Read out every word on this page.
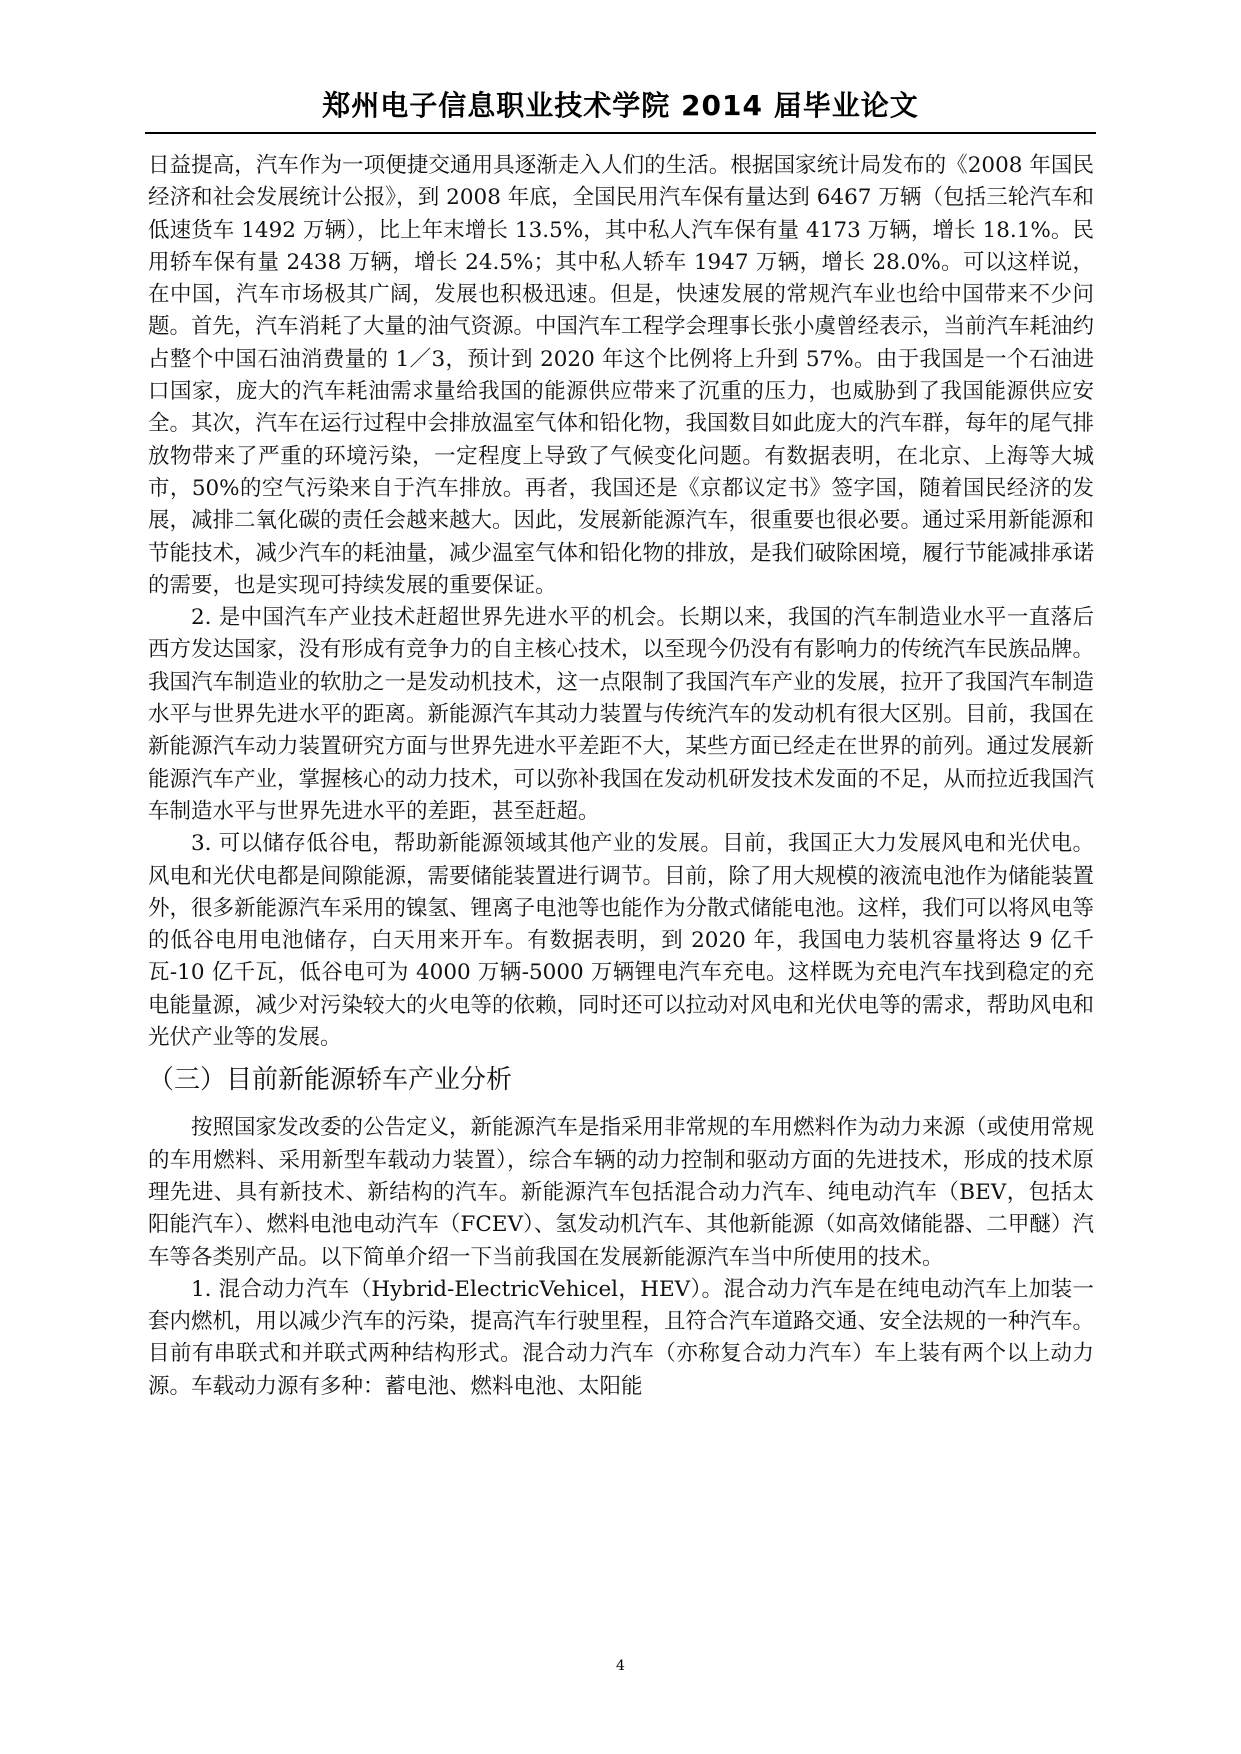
郑州电子信息职业技术学院 2014 届毕业论文

日益提高，汽车作为一项便捷交通用具逐渐走入人们的生活。根据国家统计局发布的《2008 年国民经济和社会发展统计公报》，到 2008 年底，全国民用汽车保有量达到 6467 万辆（包括三轮汽车和低速货车 1492 万辆），比上年末增长 13.5%，其中私人汽车保有量 4173 万辆，增长 18.1%。民用轿车保有量 2438 万辆，增长 24.5%；其中私人轿车 1947 万辆，增长 28.0%。可以这样说，在中国，汽车市场极其广阔，发展也积极迅速。但是，快速发展的常规汽车业也给中国带来不少问题。首先，汽车消耗了大量的油气资源。中国汽车工程学会理事长张小虞曾经表示，当前汽车耗油约占整个中国石油消费量的 1／3，预计到 2020 年这个比例将上升到 57%。由于我国是一个石油进口国家，庞大的汽车耗油需求量给我国的能源供应带来了沉重的压力，也威胁到了我国能源供应安全。其次，汽车在运行过程中会排放温室气体和铅化物，我国数目如此庞大的汽车群，每年的尾气排放物带来了严重的环境污染，一定程度上导致了气候变化问题。有数据表明，在北京、上海等大城市，50%的空气污染来自于汽车排放。再者，我国还是《京都议定书》签字国，随着国民经济的发展，减排二氧化碳的责任会越来越大。因此，发展新能源汽车，很重要也很必要。通过采用新能源和节能技术，减少汽车的耗油量，减少温室气体和铅化物的排放，是我们破除困境，履行节能减排承诺的需要，也是实现可持续发展的重要保证。

2. 是中国汽车产业技术赶超世界先进水平的机会。长期以来，我国的汽车制造业水平一直落后西方发达国家，没有形成有竞争力的自主核心技术，以至现今仍没有有影响力的传统汽车民族品牌。我国汽车制造业的软肋之一是发动机技术，这一点限制了我国汽车产业的发展，拉开了我国汽车制造水平与世界先进水平的距离。新能源汽车其动力装置与传统汽车的发动机有很大区别。目前，我国在新能源汽车动力装置研究方面与世界先进水平差距不大，某些方面已经走在世界的前列。通过发展新能源汽车产业，掌握核心的动力技术，可以弥补我国在发动机研发技术发面的不足，从而拉近我国汽车制造水平与世界先进水平的差距，甚至赶超。

3. 可以储存低谷电，帮助新能源领域其他产业的发展。目前，我国正大力发展风电和光伏电。风电和光伏电都是间隙能源，需要储能装置进行调节。目前，除了用大规模的液流电池作为储能装置外，很多新能源汽车采用的镍氢、锂离子电池等也能作为分散式储能电池。这样，我们可以将风电等的低谷电用电池储存，白天用来开车。有数据表明，到 2020 年，我国电力装机容量将达 9 亿千瓦-10 亿千瓦，低谷电可为 4000 万辆-5000 万辆锂电汽车充电。这样既为充电汽车找到稳定的充电能量源，减少对污染较大的火电等的依赖，同时还可以拉动对风电和光伏电等的需求，帮助风电和光伏产业等的发展。

（三）目前新能源轿车产业分析

按照国家发改委的公告定义，新能源汽车是指采用非常规的车用燃料作为动力来源（或使用常规的车用燃料、采用新型车载动力装置），综合车辆的动力控制和驱动方面的先进技术，形成的技术原理先进、具有新技术、新结构的汽车。新能源汽车包括混合动力汽车、纯电动汽车（BEV，包括太阳能汽车）、燃料电池电动汽车（FCEV）、氢发动机汽车、其他新能源（如高效储能器、二甲醚）汽车等各类别产品。以下简单介绍一下当前我国在发展新能源汽车当中所使用的技术。

1. 混合动力汽车（Hybrid-ElectricVehicel，HEV）。混合动力汽车是在纯电动汽车上加装一套内燃机，用以减少汽车的污染，提高汽车行驶里程，且符合汽车道路交通、安全法规的一种汽车。目前有串联式和并联式两种结构形式。混合动力汽车（亦称复合动力汽车）车上装有两个以上动力源。车载动力源有多种：蓄电池、燃料电池、太阳能

4
